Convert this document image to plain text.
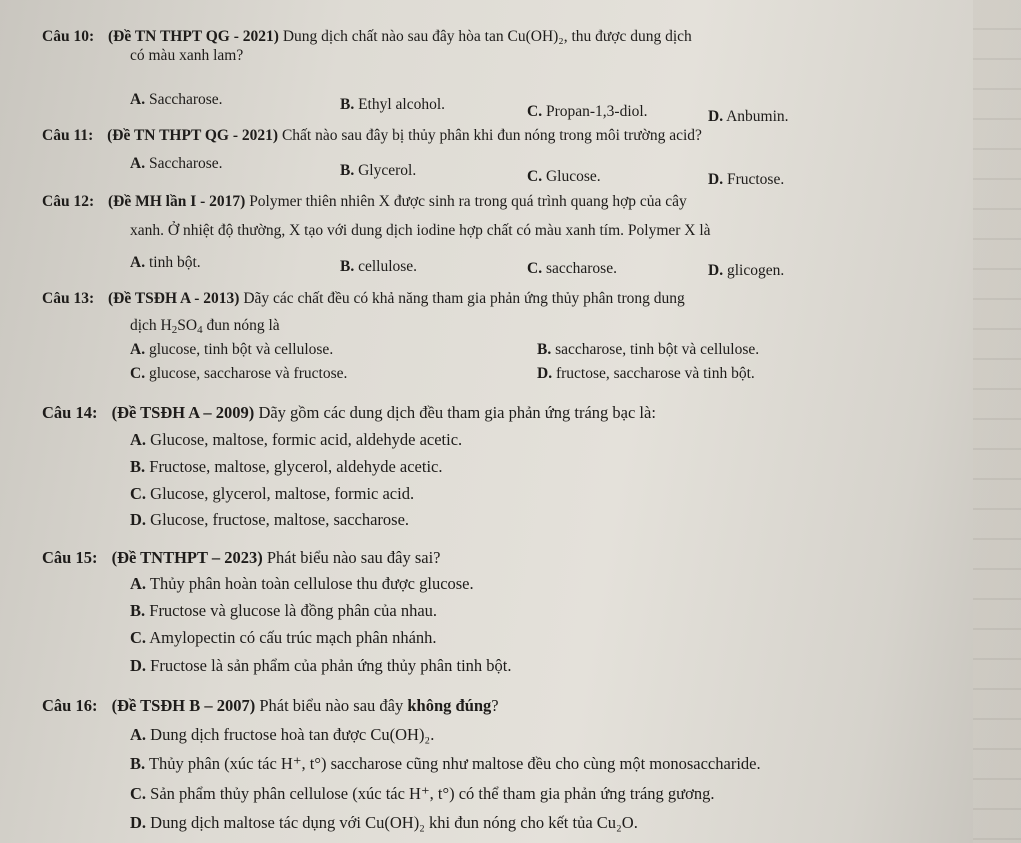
Câu 10: (Đề TN THPT QG - 2021) Dung dịch chất nào sau đây hòa tan Cu(OH)₂, thu được dung dịch
có màu xanh lam?
A. Saccharose.	B. Ethyl alcohol.	C. Propan-1,3-diol.	D. Anbumin.
Câu 11: (Đề TN THPT QG - 2021) Chất nào sau đây bị thủy phân khi đun nóng trong môi trường acid?
A. Saccharose.	B. Glycerol.	C. Glucose.	D. Fructose.
Câu 12: (Đề MH lần I - 2017) Polymer thiên nhiên X được sinh ra trong quá trình quang hợp của cây
xanh. Ở nhiệt độ thường, X tạo với dung dịch iodine hợp chất có màu xanh tím. Polymer X là
A. tinh bột.	B. cellulose.	C. saccharose.	D. glicogen.
Câu 13: (Đề TSĐH A - 2013) Dãy các chất đều có khả năng tham gia phản ứng thủy phân trong dung
dịch H2SO4 đun nóng là
A. glucose, tinh bột và cellulose.	B. saccharose, tinh bột và cellulose.
C. glucose, saccharose và fructose.	D. fructose, saccharose và tinh bột.
Câu 14: (Đề TSĐH A – 2009) Dãy gồm các dung dịch đều tham gia phản ứng tráng bạc là:
A. Glucose, maltose, formic acid, aldehyde acetic.
B. Fructose, maltose, glycerol, aldehyde acetic.
C. Glucose, glycerol, maltose, formic acid.
D. Glucose, fructose, maltose, saccharose.
Câu 15: (Đề TNTHPT – 2023) Phát biểu nào sau đây sai?
A. Thủy phân hoàn toàn cellulose thu được glucose.
B. Fructose và glucose là đồng phân của nhau.
C. Amylopectin có cấu trúc mạch phân nhánh.
D. Fructose là sản phẩm của phản ứng thủy phân tinh bột.
Câu 16: (Đề TSĐH B – 2007) Phát biểu nào sau đây không đúng?
A. Dung dịch fructose hoà tan được Cu(OH)₂.
B. Thủy phân (xúc tác H⁺, t°) saccharose cũng như maltose đều cho cùng một monosaccharide.
C. Sản phẩm thủy phân cellulose (xúc tác H⁺, t°) có thể tham gia phản ứng tráng gương.
D. Dung dịch maltose tác dụng với Cu(OH)₂ khi đun nóng cho kết tủa Cu₂O.
